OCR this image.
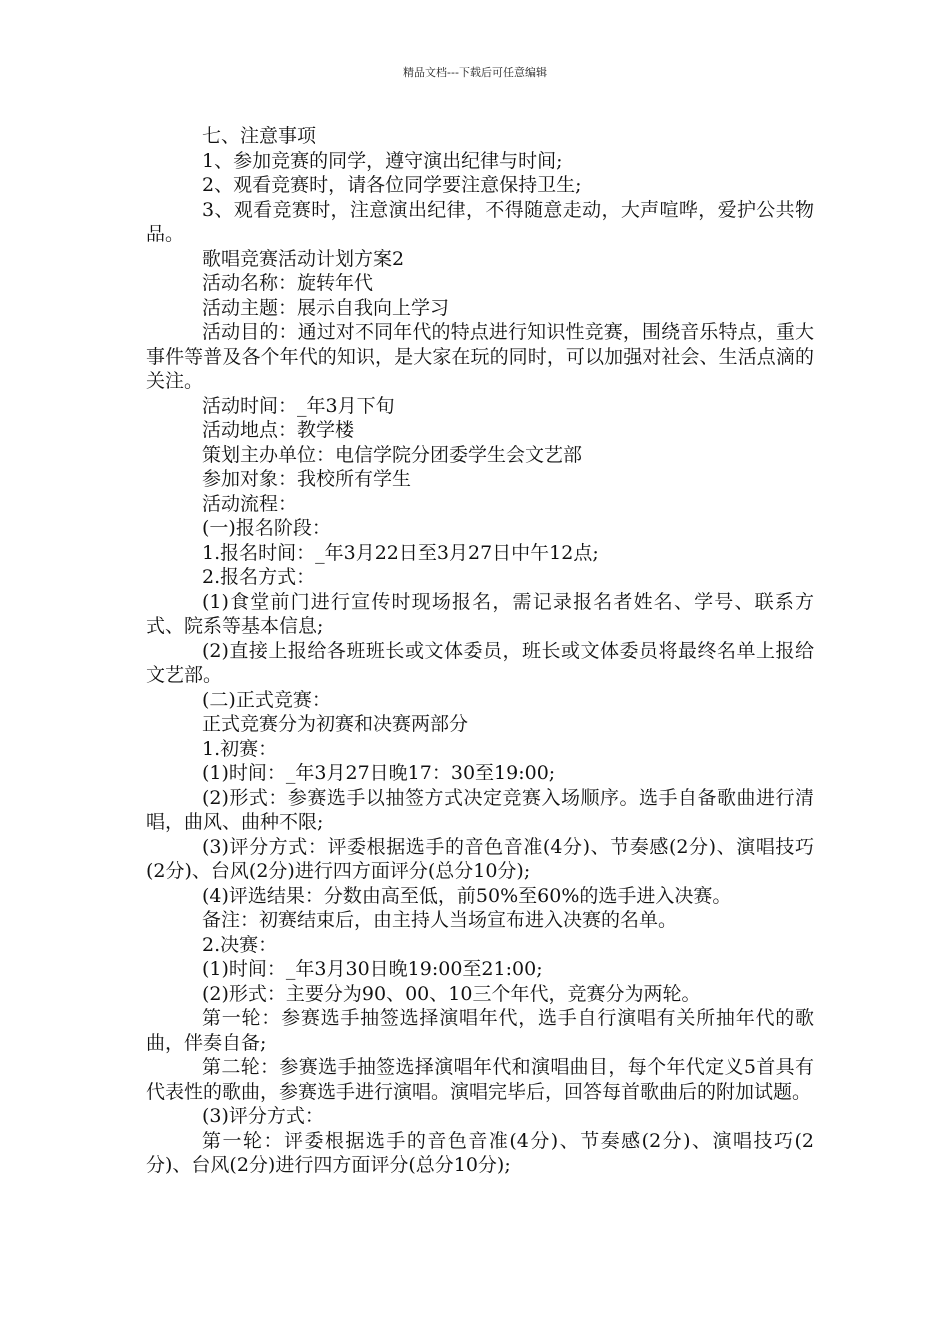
精品文档---下载后可任意编辑

七、注意事项

1、参加竞赛的同学，遵守演出纪律与时间;

2、观看竞赛时，请各位同学要注意保持卫生;

3、观看竞赛时，注意演出纪律，不得随意走动，大声喧哗，爱护公共物品。

歌唱竞赛活动计划方案2

活动名称：旋转年代

活动主题：展示自我向上学习

活动目的：通过对不同年代的特点进行知识性竞赛，围绕音乐特点，重大事件等普及各个年代的知识，是大家在玩的同时，可以加强对社会、生活点滴的关注。

活动时间：_年3月下旬

活动地点：教学楼

策划主办单位：电信学院分团委学生会文艺部

参加对象：我校所有学生

活动流程：

(一)报名阶段：

1.报名时间：_年3月22日至3月27日中午12点;

2.报名方式：

(1)食堂前门进行宣传时现场报名，需记录报名者姓名、学号、联系方式、院系等基本信息;

(2)直接上报给各班班长或文体委员，班长或文体委员将最终名单上报给文艺部。

(二)正式竞赛：

正式竞赛分为初赛和决赛两部分

1.初赛：

(1)时间：_年3月27日晚17：30至19:00;

(2)形式：参赛选手以抽签方式决定竞赛入场顺序。选手自备歌曲进行清唱，曲风、曲种不限;

(3)评分方式：评委根据选手的音色音准(4分)、节奏感(2分)、演唱技巧(2分)、台风(2分)进行四方面评分(总分10分);

(4)评选结果：分数由高至低，前50%至60%的选手进入决赛。

备注：初赛结束后，由主持人当场宣布进入决赛的名单。

2.决赛：

(1)时间：_年3月30日晚19:00至21:00;

(2)形式：主要分为90、00、10三个年代，竞赛分为两轮。

第一轮：参赛选手抽签选择演唱年代，选手自行演唱有关所抽年代的歌曲，伴奏自备;

第二轮：参赛选手抽签选择演唱年代和演唱曲目，每个年代定义5首具有代表性的歌曲，参赛选手进行演唱。演唱完毕后，回答每首歌曲后的附加试题。

(3)评分方式：

第一轮：评委根据选手的音色音准(4分)、节奏感(2分)、演唱技巧(2分)、台风(2分)进行四方面评分(总分10分);
